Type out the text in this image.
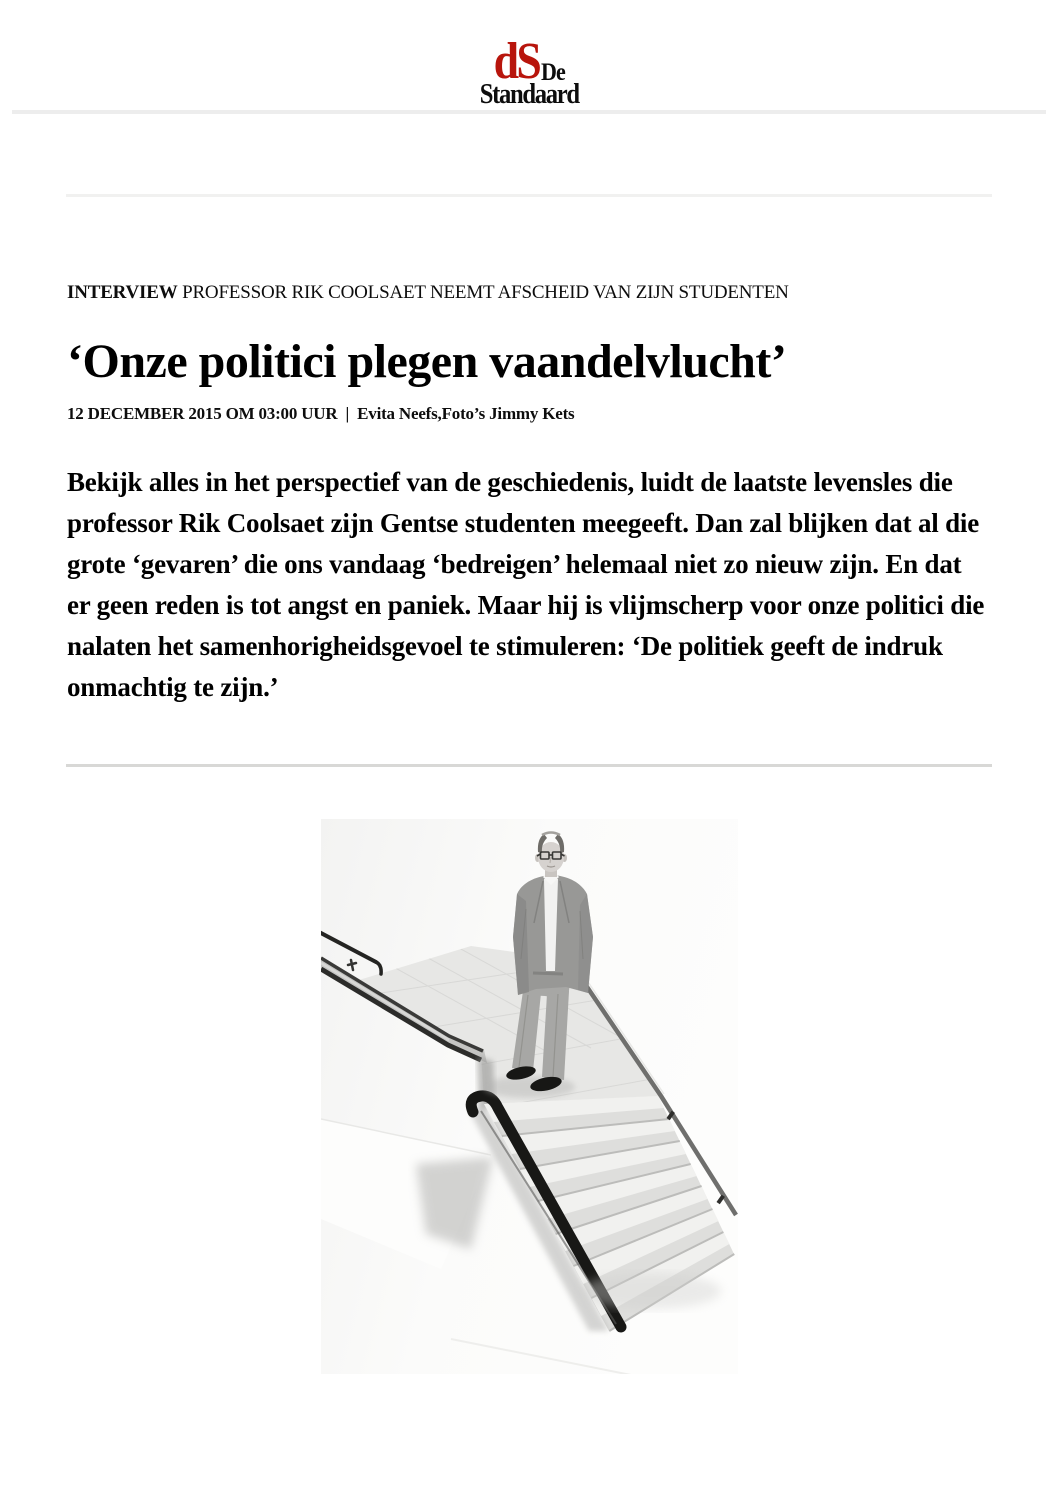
dSDe
Standaard

INTERVIEW PROFESSOR RIK COOLSAET NEEMT AFSCHEID VAN ZIJN STUDENTEN

‘Onze politici plegen vaandelvlucht’

12 DECEMBER 2015 OM 03:00 UUR | Evita Neefs,Foto’s Jimmy Kets

Bekijk alles in het perspectief van de geschiedenis, luidt de laatste levensles die professor Rik Coolsaet zijn Gentse studenten meegeeft. Dan zal blijken dat al die grote ‘gevaren’ die ons vandaag ‘bedreigen’ helemaal niet zo nieuw zijn. En dat er geen reden is tot angst en paniek. Maar hij is vlijmscherp voor onze politici die nalaten het samenhorigheidsgevoel te stimuleren: ‘De politiek geeft de indruk onmachtig te zijn.’
